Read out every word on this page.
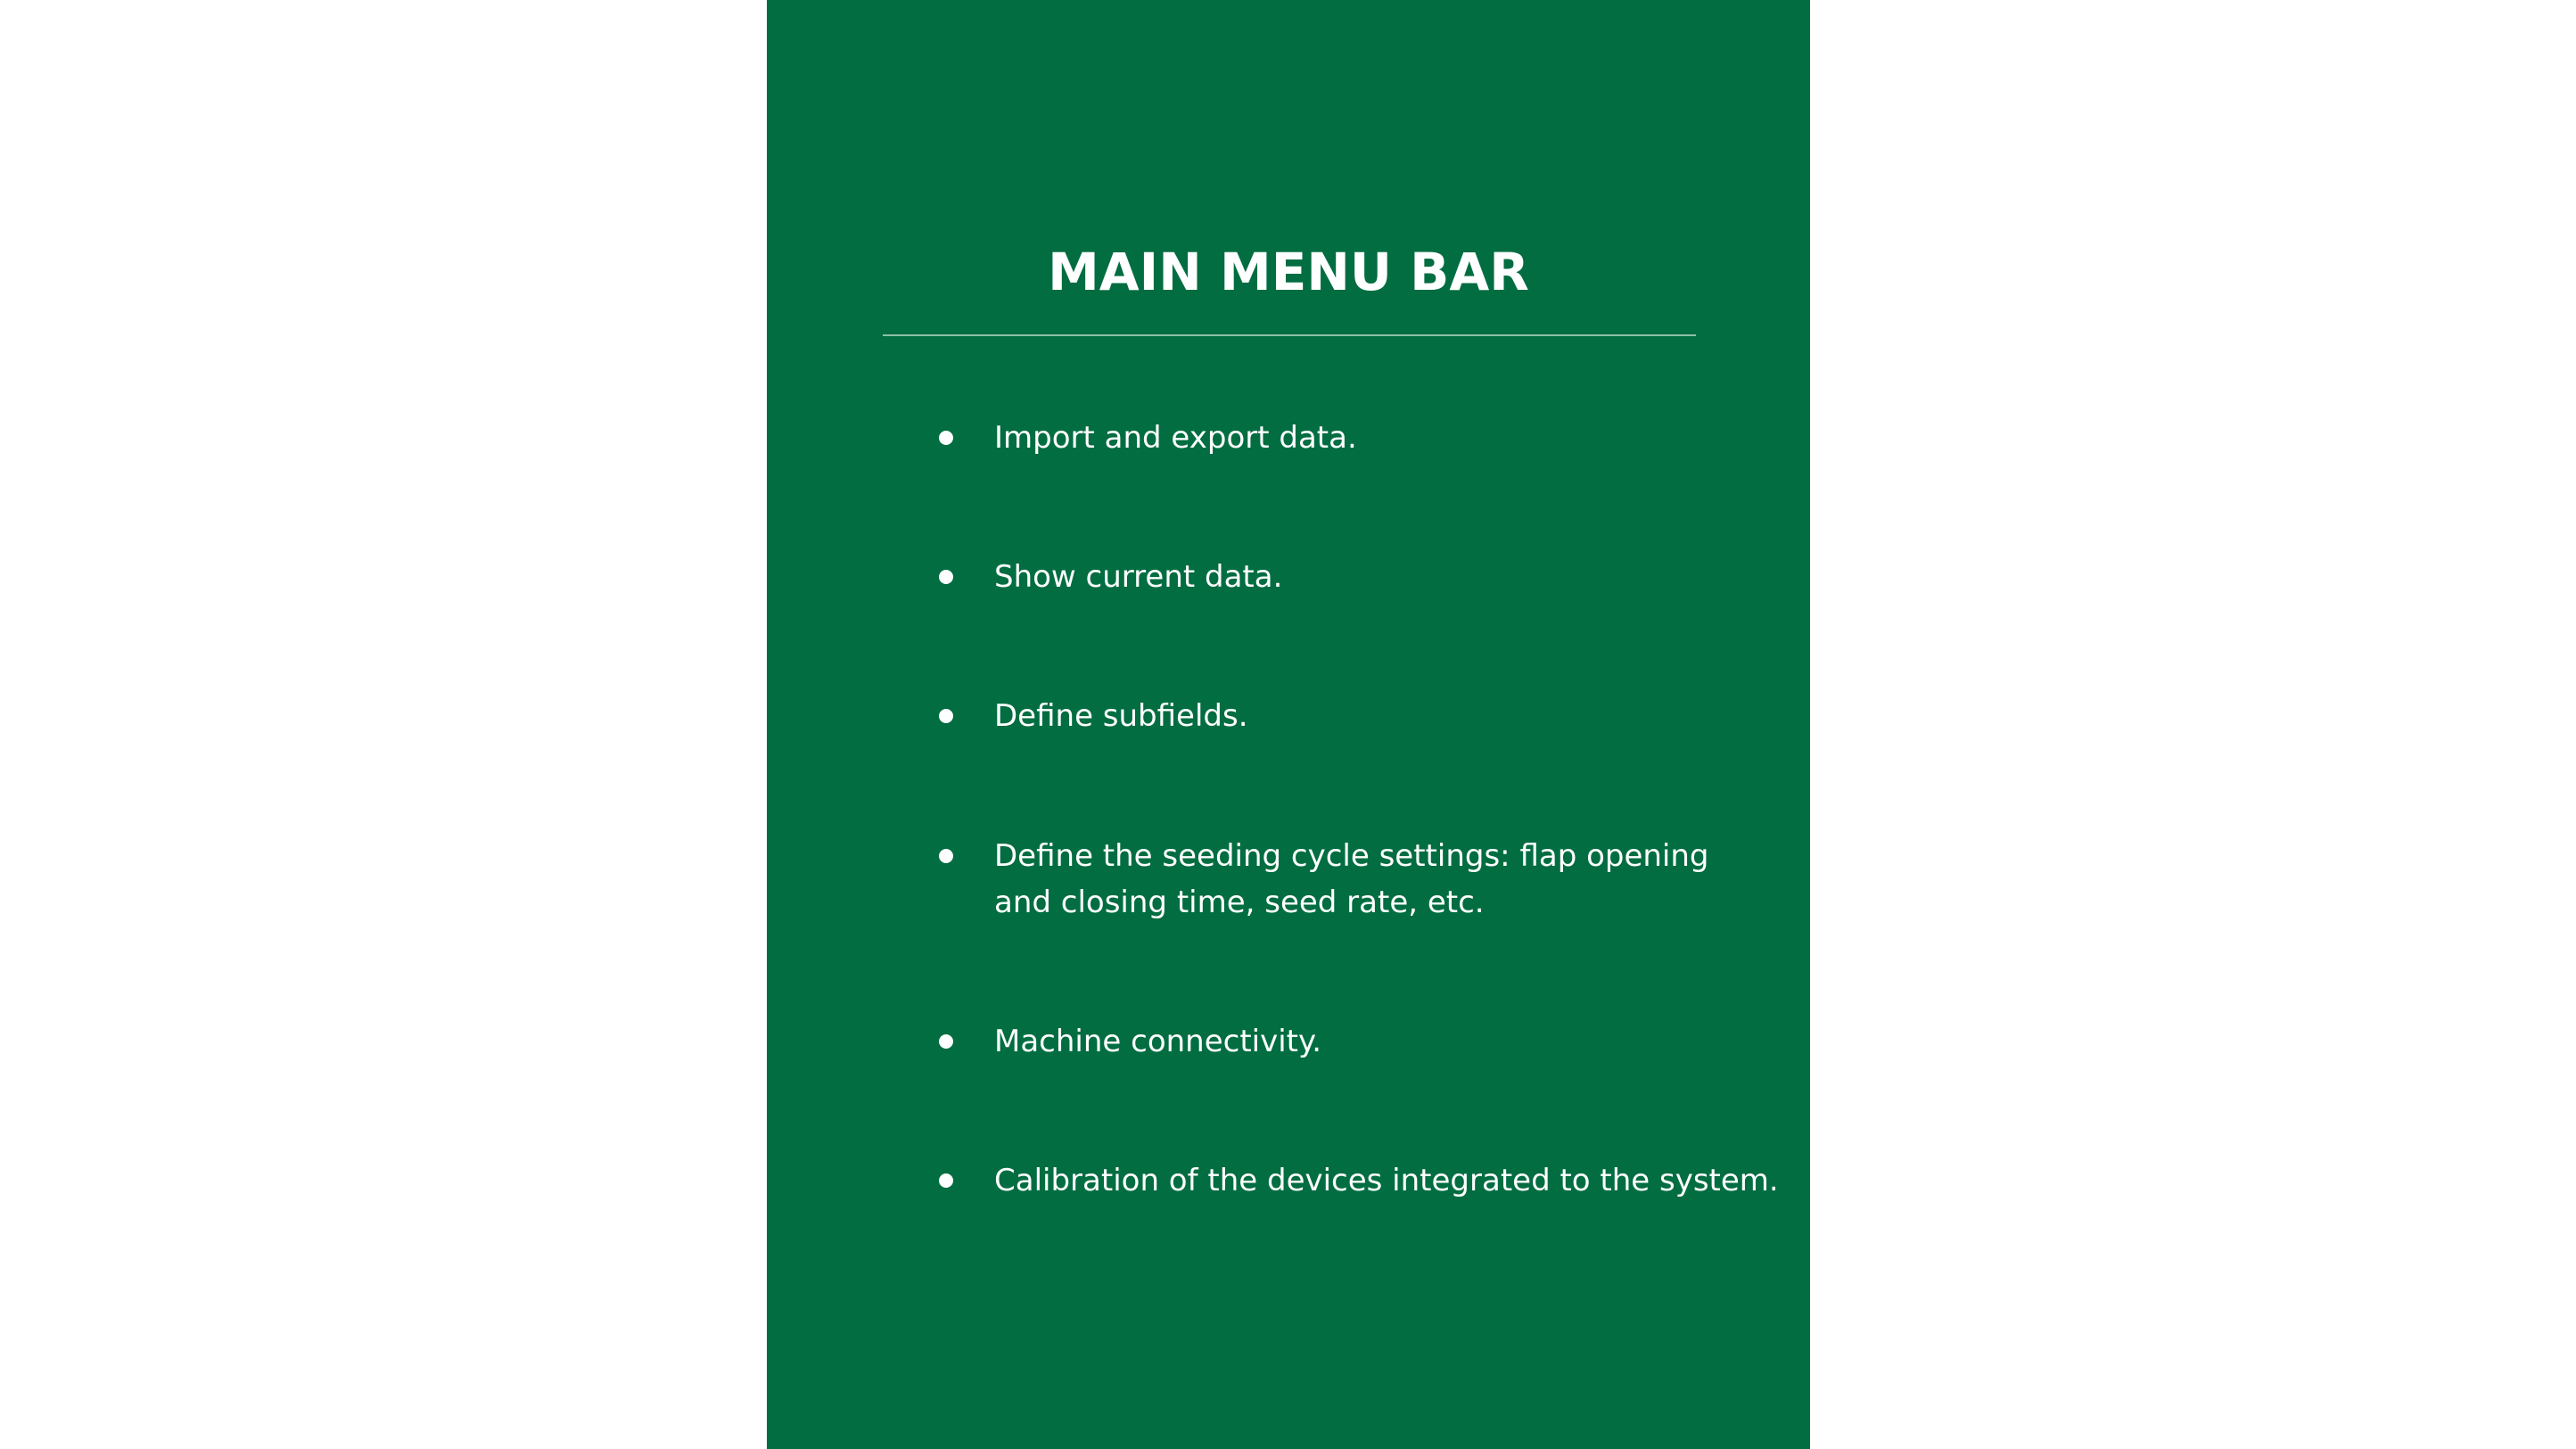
MAIN MENU BAR
Import and export data.
Show current data.
Define subfields.
Define the seeding cycle settings: flap opening and closing time, seed rate, etc.
Machine connectivity.
Calibration of the devices integrated to the system.
